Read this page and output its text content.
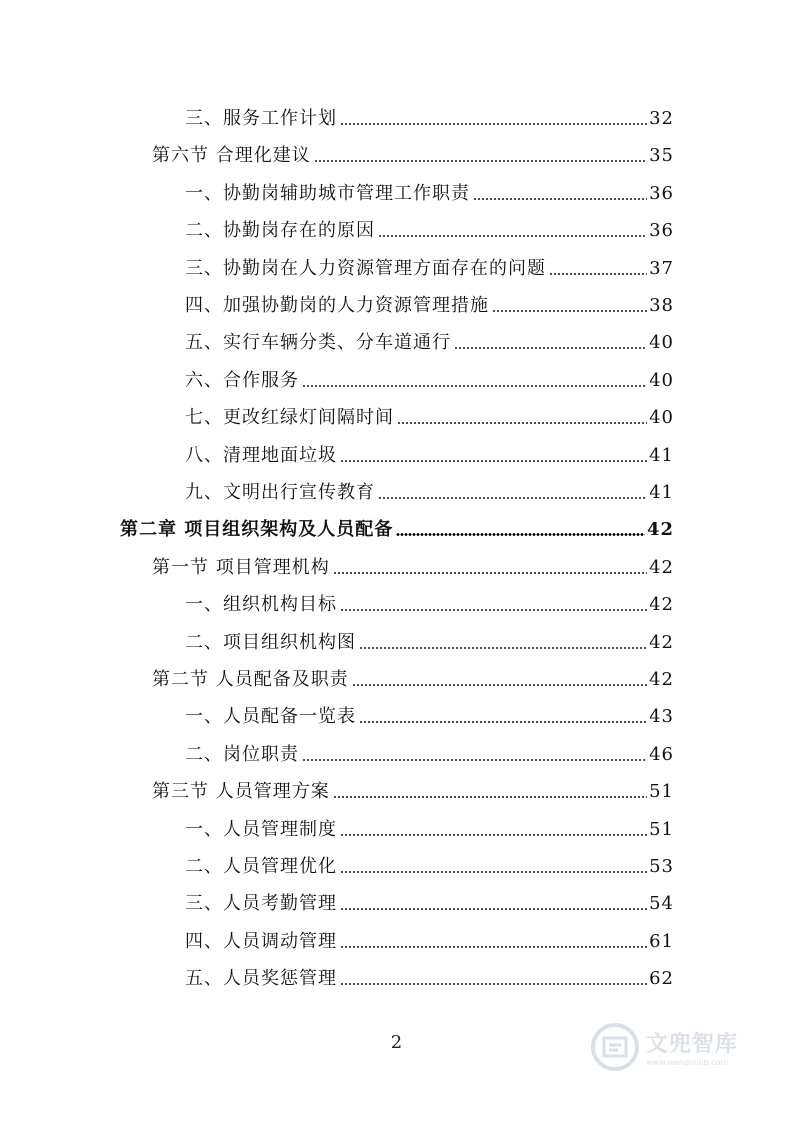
三、服务工作计划	32
第六节 合理化建议	35
一、协勤岗辅助城市管理工作职责	36
二、协勤岗存在的原因	36
三、协勤岗在人力资源管理方面存在的问题	37
四、加强协勤岗的人力资源管理措施	38
五、实行车辆分类、分车道通行	40
六、合作服务	40
七、更改红绿灯间隔时间	40
八、清理地面垃圾	41
九、文明出行宣传教育	41
第二章 项目组织架构及人员配备	42
第一节 项目管理机构	42
一、组织机构目标	42
二、项目组织机构图	42
第二节 人员配备及职责	42
一、人员配备一览表	43
二、岗位职责	46
第三节 人员管理方案	51
一、人员管理制度	51
二、人员管理优化	53
三、人员考勤管理	54
四、人员调动管理	61
五、人员奖惩管理	62
2	文兜智库
www.wendoulib.com
